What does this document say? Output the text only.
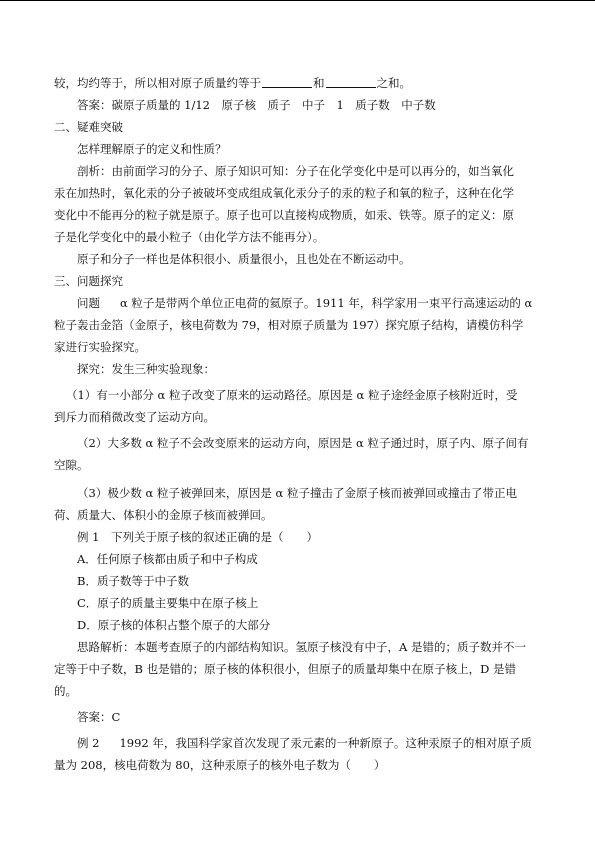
较，均约等于，所以相对原子质量约等于	和	之和。
答案：碳原子质量的 1/12　原子核　质子　中子　1　质子数　中子数
二、疑难突破
怎样理解原子的定义和性质？
剖析：由前面学习的分子、原子知识可知：分子在化学变化中是可以再分的，如当氧化
汞在加热时，氧化汞的分子被破坏变成组成氧化汞分子的汞的粒子和氧的粒子，这种在化学
变化中不能再分的粒子就是原子。原子也可以直接构成物质，如汞、铁等。原子的定义：原
子是化学变化中的最小粒子（由化学方法不能再分）。
原子和分子一样也是体积很小、质量很小，且也处在不断运动中。
三、问题探究
问题 α 粒子是带两个单位正电荷的氦原子。1911 年，科学家用一束平行高速运动的 α
粒子轰击金箔（金原子，核电荷数为 79，相对原子质量为 197）探究原子结构，请模仿科学
家进行实验探究。
探究：发生三种实验现象：
（1）有一小部分 α 粒子改变了原来的运动路径。原因是 α 粒子途经金原子核附近时，受
到斥力而稍微改变了运动方向。
（2）大多数 α 粒子不会改变原来的运动方向，原因是 α 粒子通过时，原子内、原子间有
空隙。
（3）极少数 α 粒子被弹回来，原因是 α 粒子撞击了金原子核而被弹回或撞击了带正电
荷、质量大、体积小的金原子核而被弹回。
例 1　下列关于原子核的叙述正确的是（　　）
A．任何原子核都由质子和中子构成
B．质子数等于中子数
C．原子的质量主要集中在原子核上
D．原子核的体积占整个原子的大部分
思路解析：本题考查原子的内部结构知识。氢原子核没有中子，A 是错的；质子数并不一
定等于中子数，B 也是错的；原子核的体积很小，但原子的质量却集中在原子核上，D 是错
的。
答案：C
例 2 1992 年，我国科学家首次发现了汞元素的一种新原子。这种汞原子的相对原子质
量为 208，核电荷数为 80，这种汞原子的核外电子数为（　　）
